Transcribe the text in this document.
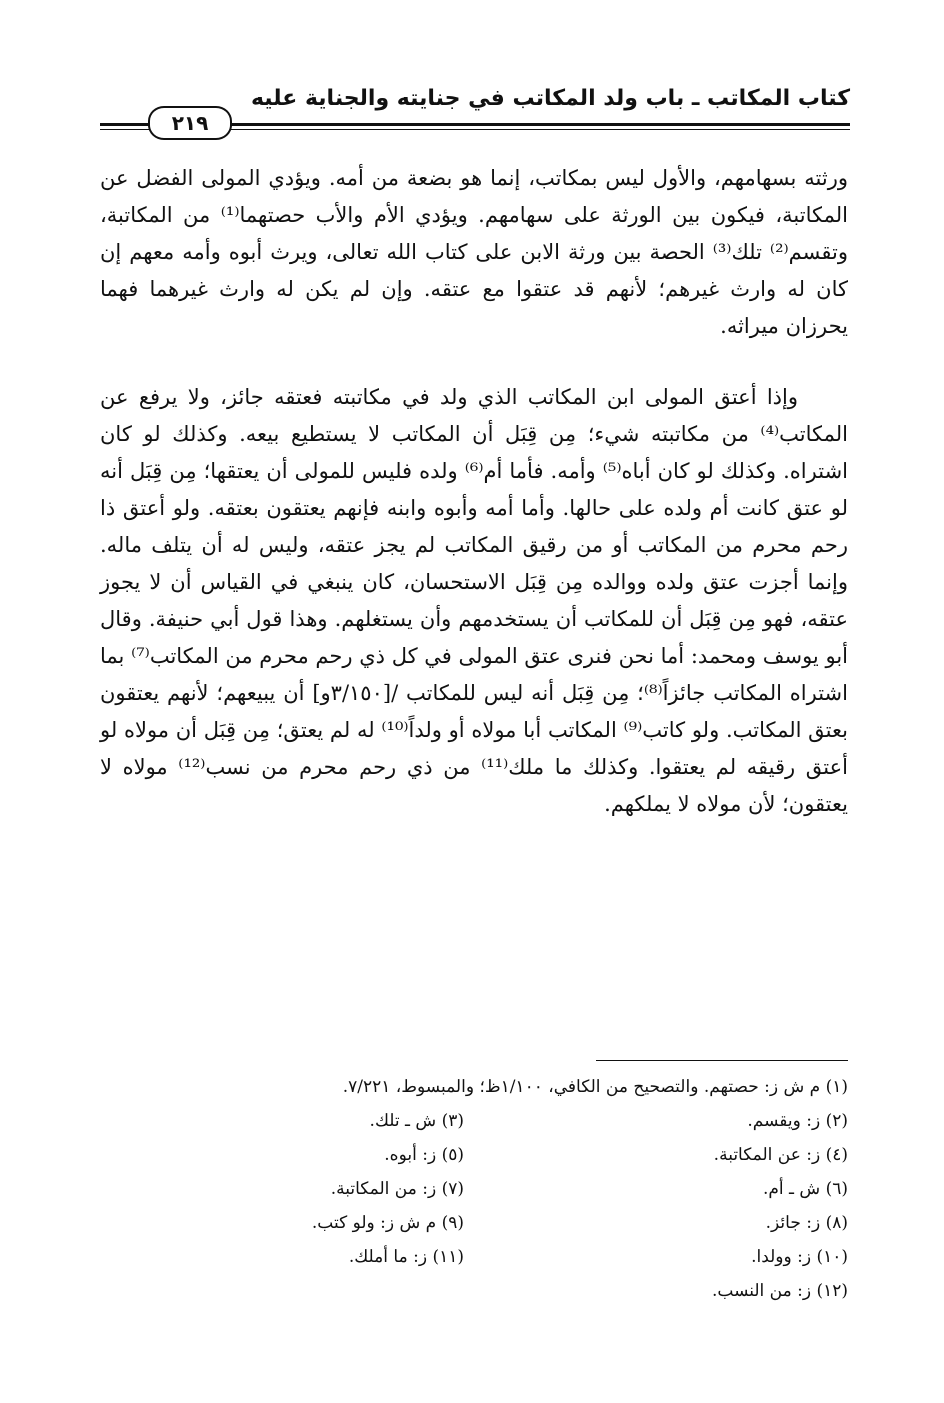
كتاب المكاتب ـ باب ولد المكاتب في جنايته والجناية عليه
٢١٩

ورثته بسهامهم، والأول ليس بمكاتب، إنما هو بضعة من أمه. ويؤدي المولى الفضل عن المكاتبة، فيكون بين الورثة على سهامهم. ويؤدي الأم والأب حصتهما⁽¹⁾ من المكاتبة، وتقسم⁽²⁾ تلك⁽³⁾ الحصة بين ورثة الابن على كتاب الله تعالى، ويرث أبوه وأمه معهم إن كان له وارث غيرهم؛ لأنهم قد عتقوا مع عتقه. وإن لم يكن له وارث غيرهما فهما يحرزان ميراثه.

وإذا أعتق المولى ابن المكاتب الذي ولد في مكاتبته فعتقه جائز، ولا يرفع عن المكاتب⁽⁴⁾ من مكاتبته شيء؛ مِن قِبَل أن المكاتب لا يستطيع بيعه. وكذلك لو كان اشتراه. وكذلك لو كان أباه⁽⁵⁾ وأمه. فأما أم⁽⁶⁾ ولده فليس للمولى أن يعتقها؛ مِن قِبَل أنه لو عتق كانت أم ولده على حالها. وأما أمه وأبوه وابنه فإنهم يعتقون بعتقه. ولو أعتق ذا رحم محرم من المكاتب أو من رقيق المكاتب لم يجز عتقه، وليس له أن يتلف ماله. وإنما أجزت عتق ولده ووالده مِن قِبَل الاستحسان، كان ينبغي في القياس أن لا يجوز عتقه، فهو مِن قِبَل أن للمكاتب أن يستخدمهم وأن يستغلهم. وهذا قول أبي حنيفة. وقال أبو يوسف ومحمد: أما نحن فنرى عتق المولى في كل ذي رحم محرم من المكاتب⁽⁷⁾ بما اشتراه المكاتب جائزاً⁽⁸⁾؛ مِن قِبَل أنه ليس للمكاتب /[٣/١٥٠و] أن يبيعهم؛ لأنهم يعتقون بعتق المكاتب. ولو كاتب⁽⁹⁾ المكاتب أبا مولاه أو ولداً⁽¹⁰⁾ له لم يعتق؛ مِن قِبَل أن مولاه لو أعتق رقيقه لم يعتقوا. وكذلك ما ملك⁽¹¹⁾ من ذي رحم محرم من نسب⁽¹²⁾ مولاه لا يعتقون؛ لأن مولاه لا يملكهم.

(١) م ش ز: حصتهم. والتصحيح من الكافي، ١/١٠٠ظ؛ والمبسوط، ٧/٢٢١.
(٢) ز: ويقسم.
(٣) ش ـ تلك.
(٤) ز: عن المكاتبة.
(٥) ز: أبوه.
(٦) ش ـ أم.
(٧) ز: من المكاتبة.
(٨) ز: جائز.
(٩) م ش ز: ولو كتب.
(١٠) ز: وولدا.
(١١) ز: ما أملك.
(١٢) ز: من النسب.
